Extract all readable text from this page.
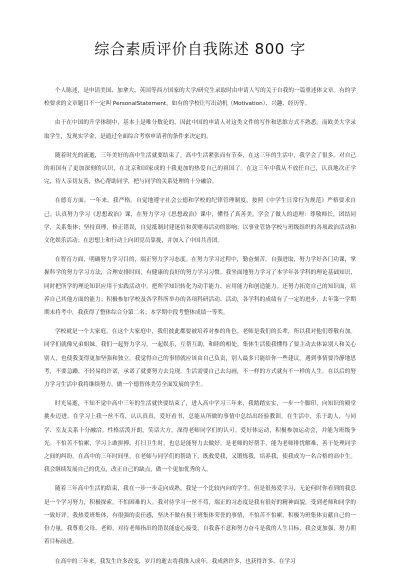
综合素质评价自我陈述 800 字

个人陈述，是申请美国、加拿大、英国等西方国家的大学/研究生录取时由申请人写的关于自我的一篇重述体文章。有的学校要求的文章题目不一定叫 PersonalStatement，如有的学校让写出动机（Motivation）、兴趣、经历等。

由于在中国的升学体制中，基本上是唯分数论的，因此中国的申请人对这类文件的写作和思维方式不熟悉。而欧美大学录取学生，发现实学金，是通过全面综合考察申请者的条件来决定的。

随着时光的流逝，三年美好的高中生活就要结束了，高中生活紧张而有节奏，在这三年的生活中，我学会了很多。对自己的祖国有了更加深刻的认识，在北京和国家成的十我更加的热爱自己的祖国了。在这三年中我从不放任自己，认真地次正学完，待人亲切友善，热心帮助同学，把与同学的关系处理的十分融洽。

在德育方面。一年来，我严格。自觉地遵守社会公德和学校的纪律管理制度，按照《中学生日常行为规范》严格要求自己。认真努力学习《思想政治》课，在努力学习《思想政治》课中，懂得了真善美，学会了做人的道理：尊敬师长，团结同学，关系集体；坚持真理，修正错误，自觉抵制封建迷信和黄赌毒活动的影响；以事业管协学校与班级组织的各项政治活动和文化娱乐活动；在思想上和行动上向团党员靠拢，并加入了中国共青团。

在智育方面，明确努力学习目的，端正努力学习态度。在努力学习过程中，勤奋刻苦，自强进取，努力学好各门功课，掌握科学的努力学习方法，合理安排时间，有健康的良好的努力学习习惯。我坐面地努力学习了本学年各学科的理论基础知识，同时把所学的理论知识应用于实践活动中，把所学知识转化为动手能力、应用能力和创造能力。还努力拓宽自己的知识面，培养自己其他方面的能力；积极参加学校及各学科所举办的各项科研活动、活动，各学科的成绩有了一定的进步，去年第一学期期末将考中，我获得了整体综合分第二名；本学期中段考整体成绩一等奖。

学校就是一个大家庭。在这个大家庭中，我们彼此都要被培养对参的角色。老师是我们的长辈，所以我对他们尊敬有加。同学们就像兄弟姐妹，我们一起努力学习，一起娱乐，互帮互助，和睦的相处。集体生活使我懂得了要主动去体谅别人和关心别人，也使我变得更加坚强和独立。我觉得自己的事情就应该由自己负责，别人最多只能给你一些建议。遇到事情要冷静地思考，不要急躁。不轻易的许诺，承诺了就要努力去兑现。生活需要自己去勾画，不一样的方式就有不一样的人生。在以后的努力学习生活中我将继续努力，做一个德智体美劳全面发展的学生。

时光易逝，不知不觉中高中三年的生活就快要结束了，进入高中学习三年来，我踏踏实实，一步一个脚印，向知识的殿堂挑步迈进。在学习上我一丝不苟，认认真真，爱好看书，总能从所做的事情中总结出经验教训。在生活中，乐于助人，与同学、室友关系十分融洽。性格活泼开朗，笑话大方，深得老师同学们的认可。爱好体运动，积极参加运动会，并能为班级争光。不怕苦不怕累，学习上敢拼搏，打扫卫生时，也总是能努力去做好。是老师的好帮手，能为老师排忧解难，善于处理同学之间的纠纷。在高中的三年时间里，在老师与同学们的帮助下，既救爱我，又锻炼我，培养我，使我成为一名合格的高中生。我会继续发展自己的优点，改正自己的缺点，做一个更加优秀的人。

随着三年高中生活的结束，我在一步一步走向成熟，我是一个比较内向的学生，但是很热爱学习，无论何时你看到的我总是一个学习努力，积极探索，不怕困难的人。我对待学习一丝不苟，端正的习态度是我有很好的精神面貌，受到老师和同学的一致好评。我热爱班集体，有很强的责任感，坚决不做有损于班集体荣誉的事情，不怕苦不怕累，积极为班集体贡献自己的一份力量。我尊重父母、老师，对待老师指出的错误能虚心接受，自我落不意和努力奋斗是我的人生目标，我会更加强，努力朝着目标前进。

在高中的三年来，我发生许多改变，岁月的逝去将我推入成年，我成熟许多，也获得许多。在学习
